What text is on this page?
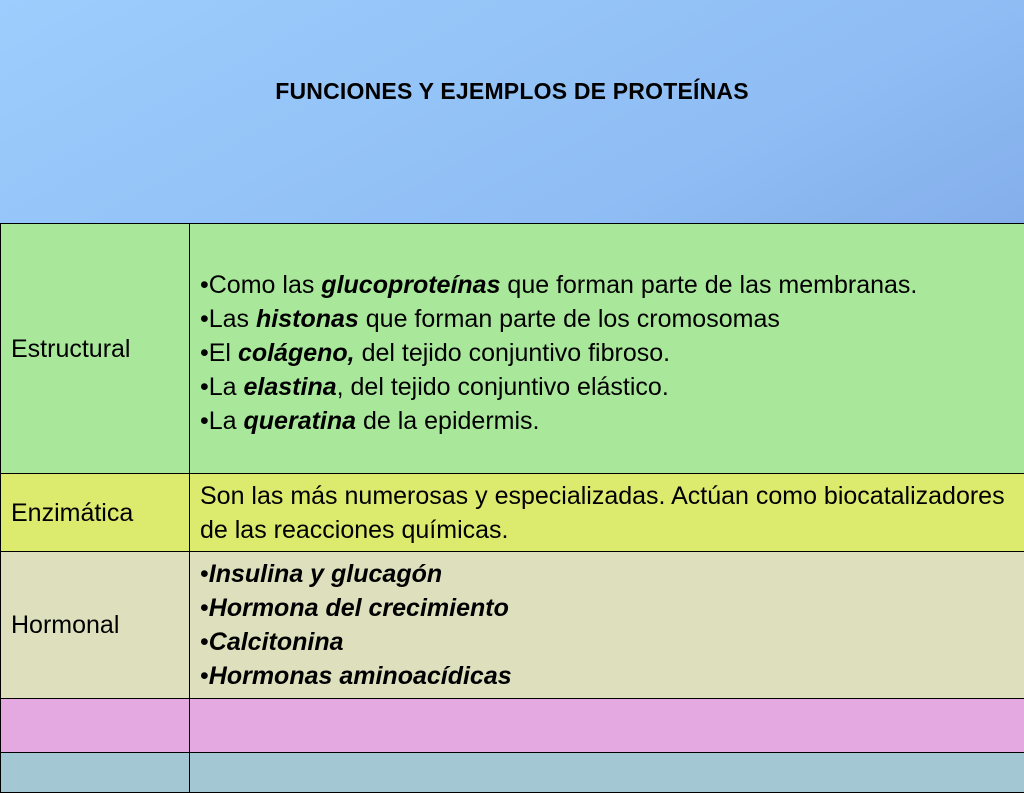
FUNCIONES Y EJEMPLOS DE PROTEÍNAS
Estructural	•Como las glucoproteínas que forman parte de las membranas.
•Las histonas que forman parte de los cromosomas
•El colágeno, del tejido conjuntivo fibroso.
•La elastina, del tejido conjuntivo elástico.
•La queratina de la epidermis.

Enzimática	Son las más numerosas y especializadas. Actúan como biocatalizadores de las reacciones químicas.
Hormonal	•Insulina y glucagón
•Hormona del crecimiento
•Calcitonina
•Hormonas aminoacídicas
